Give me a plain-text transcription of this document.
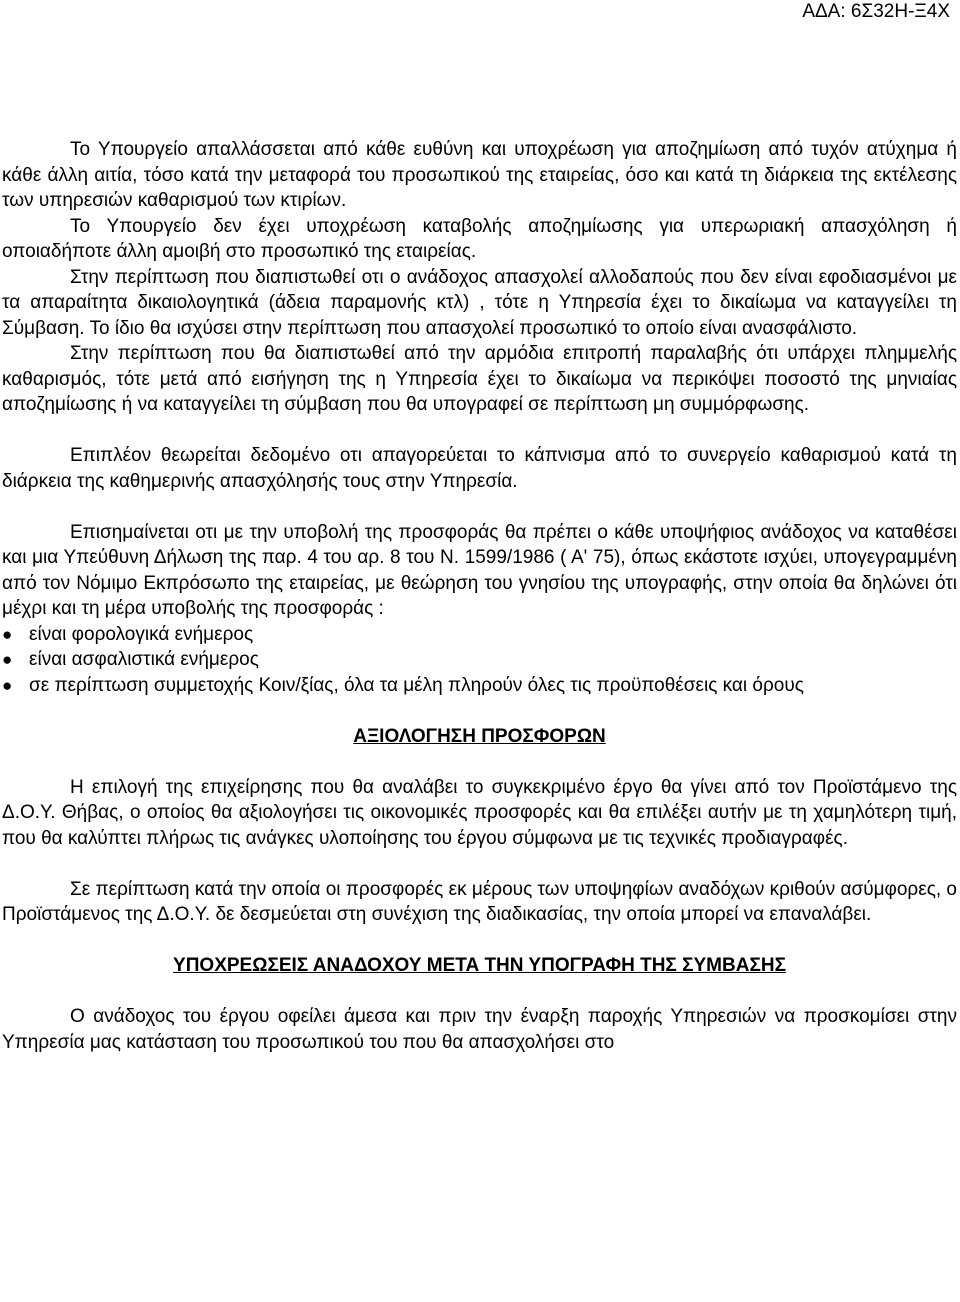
ΑΔΑ: 6Σ32Η-Ξ4Χ

Το Υπουργείο απαλλάσσεται από κάθε ευθύνη και υποχρέωση για αποζημίωση από τυχόν ατύχημα ή κάθε άλλη αιτία, τόσο κατά την μεταφορά του προσωπικού της εταιρείας, όσο και κατά τη διάρκεια της εκτέλεσης των υπηρεσιών καθαρισμού των κτιρίων.

Το Υπουργείο δεν έχει υποχρέωση καταβολής αποζημίωσης για υπερωριακή απασχόληση ή οποιαδήποτε άλλη αμοιβή στο προσωπικό της εταιρείας.

Στην περίπτωση που διαπιστωθεί οτι ο ανάδοχος απασχολεί αλλοδαπούς που δεν είναι εφοδιασμένοι με τα απαραίτητα δικαιολογητικά (άδεια παραμονής κτλ) , τότε η Υπηρεσία έχει το δικαίωμα να καταγγείλει τη Σύμβαση. Το ίδιο θα ισχύσει στην περίπτωση που απασχολεί προσωπικό το οποίο είναι ανασφάλιστο.

Στην περίπτωση που θα διαπιστωθεί από την αρμόδια επιτροπή παραλαβής ότι υπάρχει πλημμελής καθαρισμός, τότε μετά από εισήγηση της η Υπηρεσία έχει το δικαίωμα να περικόψει ποσοστό της μηνιαίας αποζημίωσης ή να καταγγείλει τη σύμβαση που θα υπογραφεί σε περίπτωση μη συμμόρφωσης.

Επιπλέον θεωρείται δεδομένο οτι απαγορεύεται το κάπνισμα από το συνεργείο καθαρισμού κατά τη διάρκεια της καθημερινής απασχόλησής τους στην Υπηρεσία.

Επισημαίνεται οτι με την υποβολή της προσφοράς θα πρέπει ο κάθε υποψήφιος ανάδοχος να καταθέσει και μια Υπεύθυνη Δήλωση της παρ. 4 του αρ. 8 του Ν. 1599/1986 ( Α' 75), όπως εκάστοτε ισχύει, υπογεγραμμένη από τον Νόμιμο Εκπρόσωπο της εταιρείας, με θεώρηση του γνησίου της υπογραφής, στην οποία θα δηλώνει ότι μέχρι και τη μέρα υποβολής της προσφοράς :

● είναι φορολογικά ενήμερος
● είναι ασφαλιστικά ενήμερος
● σε περίπτωση συμμετοχής Κοιν/ξίας, όλα τα μέλη πληρούν όλες τις προϋποθέσεις και όρους

ΑΞΙΟΛΟΓΗΣΗ ΠΡΟΣΦΟΡΩΝ

Η επιλογή της επιχείρησης που θα αναλάβει το συγκεκριμένο έργο θα γίνει από τον Προϊστάμενο της Δ.Ο.Υ. Θήβας, ο οποίος θα αξιολογήσει τις οικονομικές προσφορές και θα επιλέξει αυτήν με τη χαμηλότερη τιμή, που θα καλύπτει πλήρως τις ανάγκες υλοποίησης του έργου σύμφωνα με τις τεχνικές προδιαγραφές.

Σε περίπτωση κατά την οποία οι προσφορές εκ μέρους των υποψηφίων αναδόχων κριθούν ασύμφορες, ο Προϊστάμενος της Δ.Ο.Υ. δε δεσμεύεται στη συνέχιση της διαδικασίας, την οποία μπορεί να επαναλάβει.

ΥΠΟΧΡΕΩΣΕΙΣ ΑΝΑΔΟΧΟΥ ΜΕΤΑ ΤΗΝ ΥΠΟΓΡΑΦΗ ΤΗΣ ΣΥΜΒΑΣΗΣ

Ο ανάδοχος του έργου οφείλει άμεσα και πριν την έναρξη παροχής Υπηρεσιών να προσκομίσει στην Υπηρεσία μας κατάσταση του προσωπικού του που θα απασχολήσει στο
